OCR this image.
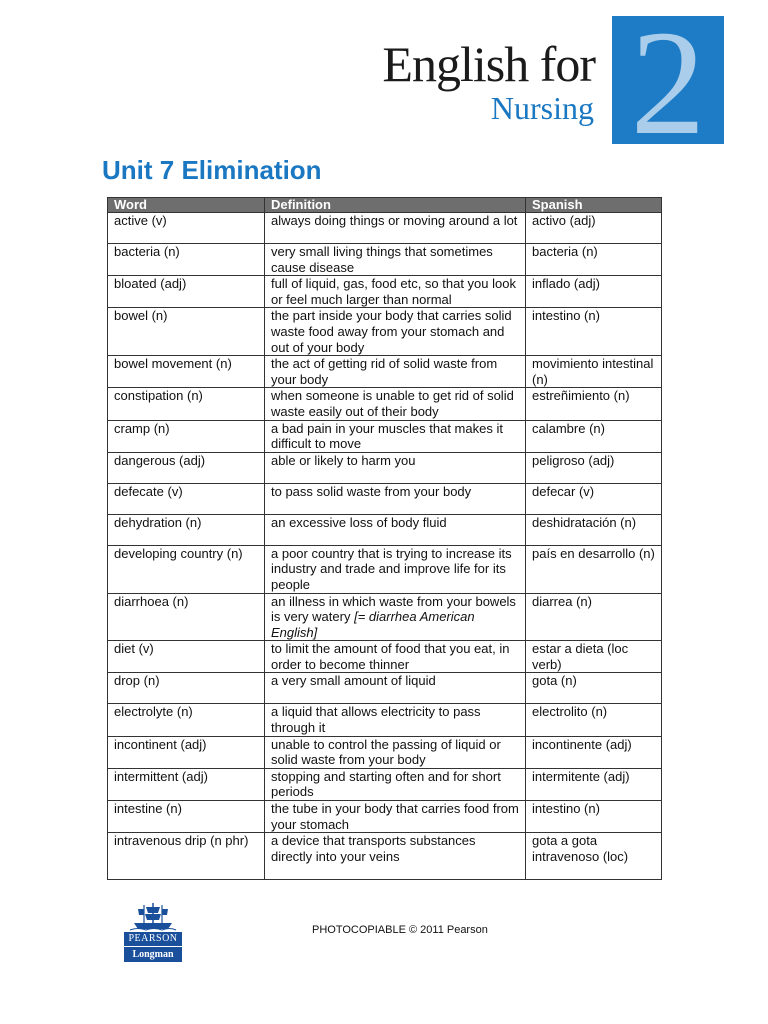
English for
Nursing 2
Unit 7 Elimination
Word	Definition	Spanish
active (v)	always doing things or moving around a lot	activo (adj)
bacteria (n)	very small living things that sometimes cause disease	bacteria (n)
bloated (adj)	full of liquid, gas, food etc, so that you look or feel much larger than normal	inflado (adj)
bowel (n)	the part inside your body that carries solid waste food away from your stomach and out of your body	intestino (n)
bowel movement (n)	the act of getting rid of solid waste from your body	movimiento intestinal (n)
constipation (n)	when someone is unable to get rid of solid waste easily out of their body	estreñimiento (n)
cramp (n)	a bad pain in your muscles that makes it difficult to move	calambre (n)
dangerous (adj)	able or likely to harm you	peligroso (adj)
defecate (v)	to pass solid waste from your body	defecar (v)
dehydration (n)	an excessive loss of body fluid	deshidratación (n)
developing country (n)	a poor country that is trying to increase its industry and trade and improve life for its people	país en desarrollo (n)
diarrhoea (n)	an illness in which waste from your bowels is very watery [= diarrhea American English]	diarrea (n)
diet (v)	to limit the amount of food that you eat, in order to become thinner	estar a dieta (loc verb)
drop (n)	a very small amount of liquid	gota (n)
electrolyte (n)	a liquid that allows electricity to pass through it	electrolito (n)
incontinent (adj)	unable to control the passing of liquid or solid waste from your body	incontinente (adj)
intermittent (adj)	stopping and starting often and for short periods	intermitente (adj)
intestine (n)	the tube in your body that carries food from your stomach	intestino (n)
intravenous drip (n phr)	a device that transports substances directly into your veins	gota a gota intravenoso (loc)
PEARSON
Longman
PHOTOCOPIABLE © 2011 Pearson
